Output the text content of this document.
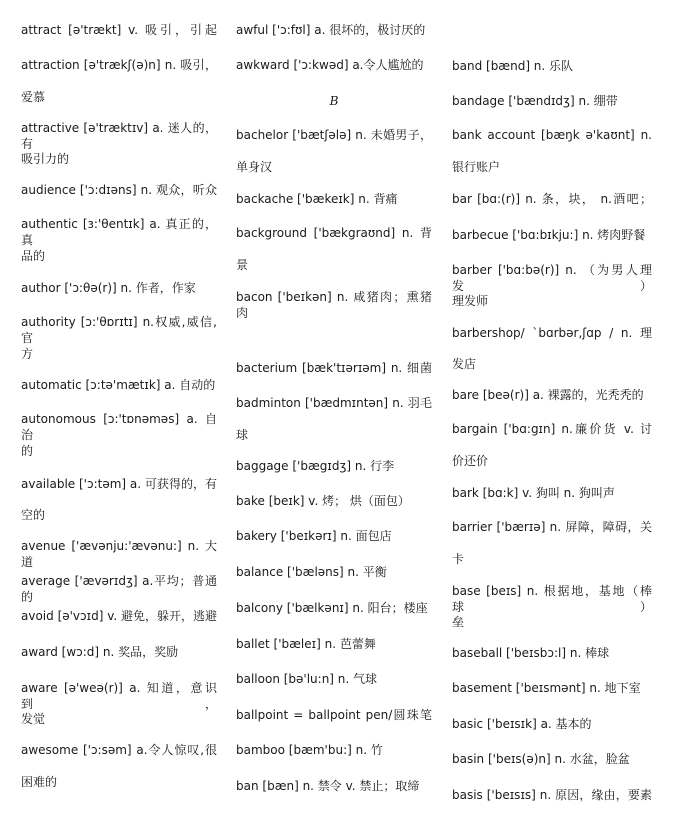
attract [ə'trækt] v. 吸引，引起
attraction [ə'trækʃ(ə)n] n. 吸引，
爱慕
attractive [ə'træktɪv] a. 迷人的，有
吸引力的
audience ['ɔ:dɪəns] n. 观众，听众
authentic [ɜ:'θentɪk] a. 真正的，真
品的
author ['ɔ:θə(r)] n. 作者，作家
authority [ɔ:'θɒrɪtɪ] n.权威,威信,官
方
automatic [ɔ:tə'mætɪk] a. 自动的
autonomous [ɔ:'tɒnəməs] a. 自治
的
available ['ɔ:təm] a. 可获得的，有
空的
avenue ['ævənju:'ævənu:] n. 大道
average ['ævərɪdʒ] a.平均；普通的
avoid [ə'vɔɪd] v. 避免，躲开，逃避
award [wɔ:d] n. 奖品，奖励
aware [ə'weə(r)] a. 知道，意识到，
发觉
awesome ['ɔ:səm] a.令人惊叹,很
困难的
awful ['ɔ:fʊl] a. 很坏的，极讨厌的
awkward ['ɔ:kwəd] a.令人尴尬的
B
bachelor ['bætʃələ] n. 未婚男子，
单身汉
backache ['bækeɪk] n. 背痛
background ['bækgraʊnd] n. 背
景
bacon ['beɪkən] n. 咸猪肉；熏猪肉
bacterium [bæk'tɪərɪəm] n. 细菌
badminton ['bædmɪntən] n. 羽毛
球
baggage ['bægɪdʒ] n. 行李
bake [beɪk] v. 烤； 烘（面包）
bakery ['beɪkərɪ] n. 面包店
balance ['bæləns] n. 平衡
balcony ['bælkənɪ] n. 阳台；楼座
ballet ['bæleɪ] n. 芭蕾舞
balloon [bə'lu:n] n. 气球
ballpoint = ballpoint pen/圆珠笔
bamboo [bæm'bu:] n. 竹
ban [bæn] n. 禁令 v. 禁止；取缔
band [bænd] n. 乐队
bandage ['bændɪdʒ] n. 绷带
bank account [bæŋk ə'kaʊnt] n.
银行账户
bar [bɑ:(r)] n. 条，块， n.酒吧；
barbecue ['bɑ:bɪkju:] n. 烤肉野餐
barber ['bɑ:bə(r)] n. （为男人理发）
理发师
barbershop/ `bɑrbər,ʃɑp / n. 理
发店
bare [beə(r)] a. 裸露的，光秃秃的
bargain ['bɑ:gɪn] n.廉价货 v. 讨
价还价
bark [bɑ:k] v. 狗叫 n. 狗叫声
barrier ['bærɪə] n. 屏障，障碍，关
卡
base [beɪs] n. 根据地，基地（棒球）
垒
baseball ['beɪsbɔ:l] n. 棒球
basement ['beɪsmənt] n. 地下室
basic ['beɪsɪk] a. 基本的
basin ['beɪs(ə)n] n. 水盆，脸盆
basis ['beɪsɪs] n. 原因，缘由，要素
